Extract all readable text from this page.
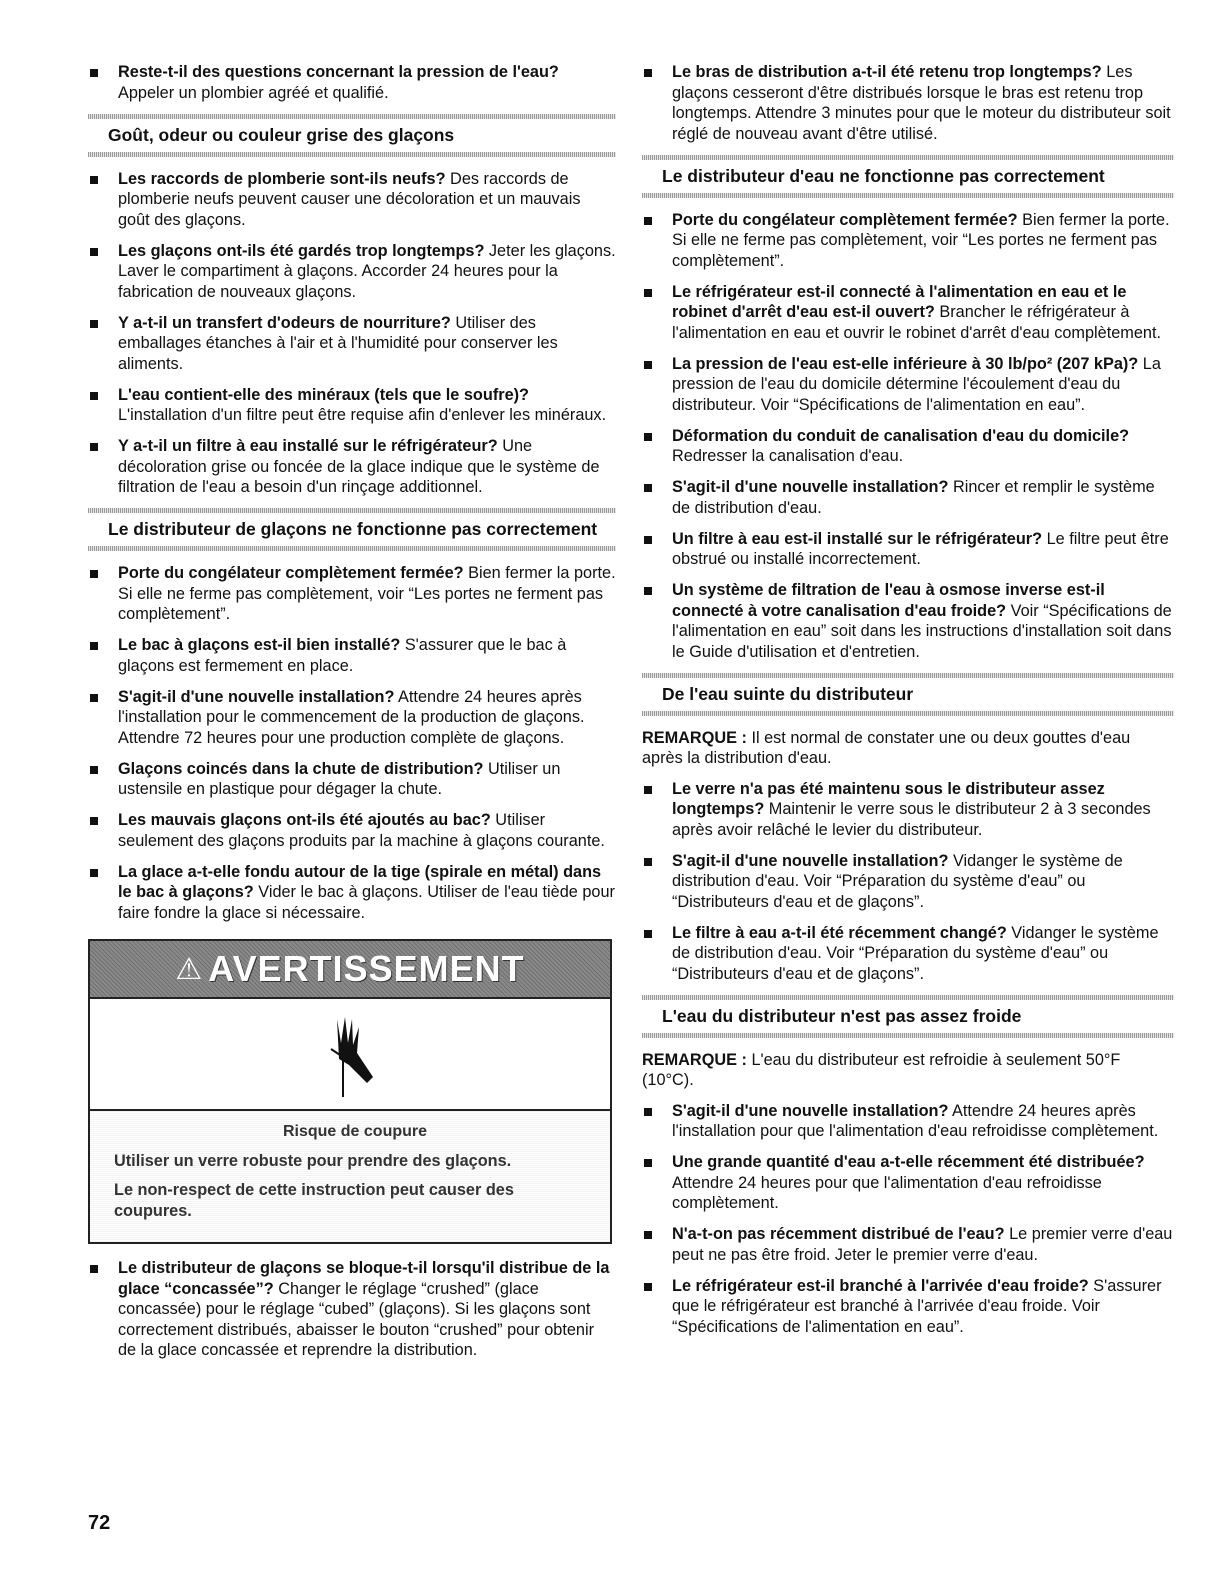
Reste-t-il des questions concernant la pression de l'eau?
Appeler un plombier agréé et qualifié.
Goût, odeur ou couleur grise des glaçons
Les raccords de plomberie sont-ils neufs? Des raccords de plomberie neufs peuvent causer une décoloration et un mauvais goût des glaçons.
Les glaçons ont-ils été gardés trop longtemps? Jeter les glaçons. Laver le compartiment à glaçons. Accorder 24 heures pour la fabrication de nouveaux glaçons.
Y a-t-il un transfert d'odeurs de nourriture? Utiliser des emballages étanches à l'air et à l'humidité pour conserver les aliments.
L'eau contient-elle des minéraux (tels que le soufre)? L'installation d'un filtre peut être requise afin d'enlever les minéraux.
Y a-t-il un filtre à eau installé sur le réfrigérateur? Une décoloration grise ou foncée de la glace indique que le système de filtration de l'eau a besoin d'un rinçage additionnel.
Le distributeur de glaçons ne fonctionne pas correctement
Porte du congélateur complètement fermée? Bien fermer la porte. Si elle ne ferme pas complètement, voir “Les portes ne ferment pas complètement”.
Le bac à glaçons est-il bien installé? S'assurer que le bac à glaçons est fermement en place.
S'agit-il d'une nouvelle installation? Attendre 24 heures après l'installation pour le commencement de la production de glaçons. Attendre 72 heures pour une production complète de glaçons.
Glaçons coincés dans la chute de distribution? Utiliser un ustensile en plastique pour dégager la chute.
Les mauvais glaçons ont-ils été ajoutés au bac? Utiliser seulement des glaçons produits par la machine à glaçons courante.
La glace a-t-elle fondu autour de la tige (spirale en métal) dans le bac à glaçons? Vider le bac à glaçons. Utiliser de l'eau tiède pour faire fondre la glace si nécessaire.
⚠ AVERTISSEMENT
Risque de coupure
Utiliser un verre robuste pour prendre des glaçons.
Le non-respect de cette instruction peut causer des coupures.
Le distributeur de glaçons se bloque-t-il lorsqu'il distribue de la glace “concassée”? Changer le réglage “crushed” (glace concassée) pour le réglage “cubed” (glaçons). Si les glaçons sont correctement distribués, abaisser le bouton “crushed” pour obtenir de la glace concassée et reprendre la distribution.
Le bras de distribution a-t-il été retenu trop longtemps? Les glaçons cesseront d'être distribués lorsque le bras est retenu trop longtemps. Attendre 3 minutes pour que le moteur du distributeur soit réglé de nouveau avant d'être utilisé.
Le distributeur d'eau ne fonctionne pas correctement
Porte du congélateur complètement fermée? Bien fermer la porte. Si elle ne ferme pas complètement, voir “Les portes ne ferment pas complètement”.
Le réfrigérateur est-il connecté à l'alimentation en eau et le robinet d'arrêt d'eau est-il ouvert? Brancher le réfrigérateur à l'alimentation en eau et ouvrir le robinet d'arrêt d'eau complètement.
La pression de l'eau est-elle inférieure à 30 lb/po² (207 kPa)? La pression de l'eau du domicile détermine l'écoulement d'eau du distributeur. Voir “Spécifications de l'alimentation en eau”.
Déformation du conduit de canalisation d'eau du domicile? Redresser la canalisation d'eau.
S'agit-il d'une nouvelle installation? Rincer et remplir le système de distribution d'eau.
Un filtre à eau est-il installé sur le réfrigérateur? Le filtre peut être obstrué ou installé incorrectement.
Un système de filtration de l'eau à osmose inverse est-il connecté à votre canalisation d'eau froide? Voir “Spécifications de l'alimentation en eau” soit dans les instructions d'installation soit dans le Guide d'utilisation et d'entretien.
De l'eau suinte du distributeur
REMARQUE : Il est normal de constater une ou deux gouttes d'eau après la distribution d'eau.
Le verre n'a pas été maintenu sous le distributeur assez longtemps? Maintenir le verre sous le distributeur 2 à 3 secondes après avoir relâché le levier du distributeur.
S'agit-il d'une nouvelle installation? Vidanger le système de distribution d'eau. Voir “Préparation du système d'eau” ou “Distributeurs d'eau et de glaçons”.
Le filtre à eau a-t-il été récemment changé? Vidanger le système de distribution d'eau. Voir “Préparation du système d'eau” ou “Distributeurs d'eau et de glaçons”.
L'eau du distributeur n'est pas assez froide
REMARQUE : L'eau du distributeur est refroidie à seulement 50°F (10°C).
S'agit-il d'une nouvelle installation? Attendre 24 heures après l'installation pour que l'alimentation d'eau refroidisse complètement.
Une grande quantité d'eau a-t-elle récemment été distribuée? Attendre 24 heures pour que l'alimentation d'eau refroidisse complètement.
N'a-t-on pas récemment distribué de l'eau? Le premier verre d'eau peut ne pas être froid. Jeter le premier verre d'eau.
Le réfrigérateur est-il branché à l'arrivée d'eau froide? S'assurer que le réfrigérateur est branché à l'arrivée d'eau froide. Voir “Spécifications de l'alimentation en eau”.
72
